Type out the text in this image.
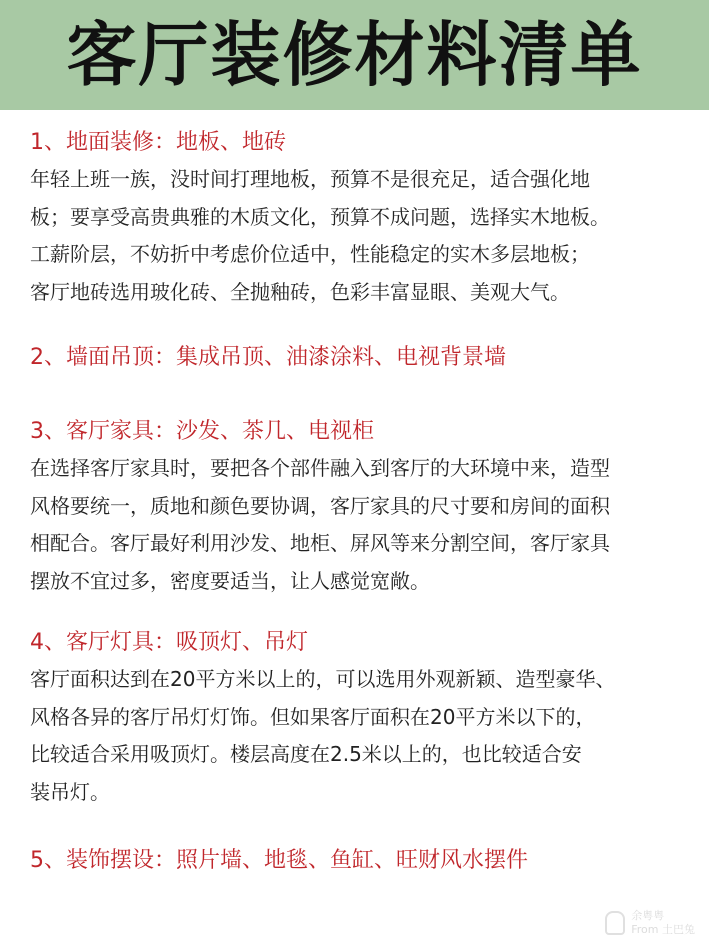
客厅装修材料清单
1、地面装修：地板、地砖
年轻上班一族，没时间打理地板，预算不是很充足，适合强化地
板；要享受高贵典雅的木质文化，预算不成问题，选择实木地板。
工薪阶层，不妨折中考虑价位适中，性能稳定的实木多层地板；
客厅地砖选用玻化砖、全抛釉砖，色彩丰富显眼、美观大气。
2、墙面吊顶：集成吊顶、油漆涂料、电视背景墙
3、客厅家具：沙发、茶几、电视柜
在选择客厅家具时，要把各个部件融入到客厅的大环境中来，造型
风格要统一，质地和颜色要协调，客厅家具的尺寸要和房间的面积
相配合。客厅最好利用沙发、地柜、屏风等来分割空间，客厅家具
摆放不宜过多，密度要适当，让人感觉宽敞。
4、客厅灯具：吸顶灯、吊灯
客厅面积达到在20平方米以上的，可以选用外观新颖、造型豪华、
风格各异的客厅吊灯灯饰。但如果客厅面积在20平方米以下的，
比较适合采用吸顶灯。楼层高度在2.5米以上的，也比较适合安
装吊灯。
5、装饰摆设：照片墙、地毯、鱼缸、旺财风水摆件
余粤粤
From 土巴兔
